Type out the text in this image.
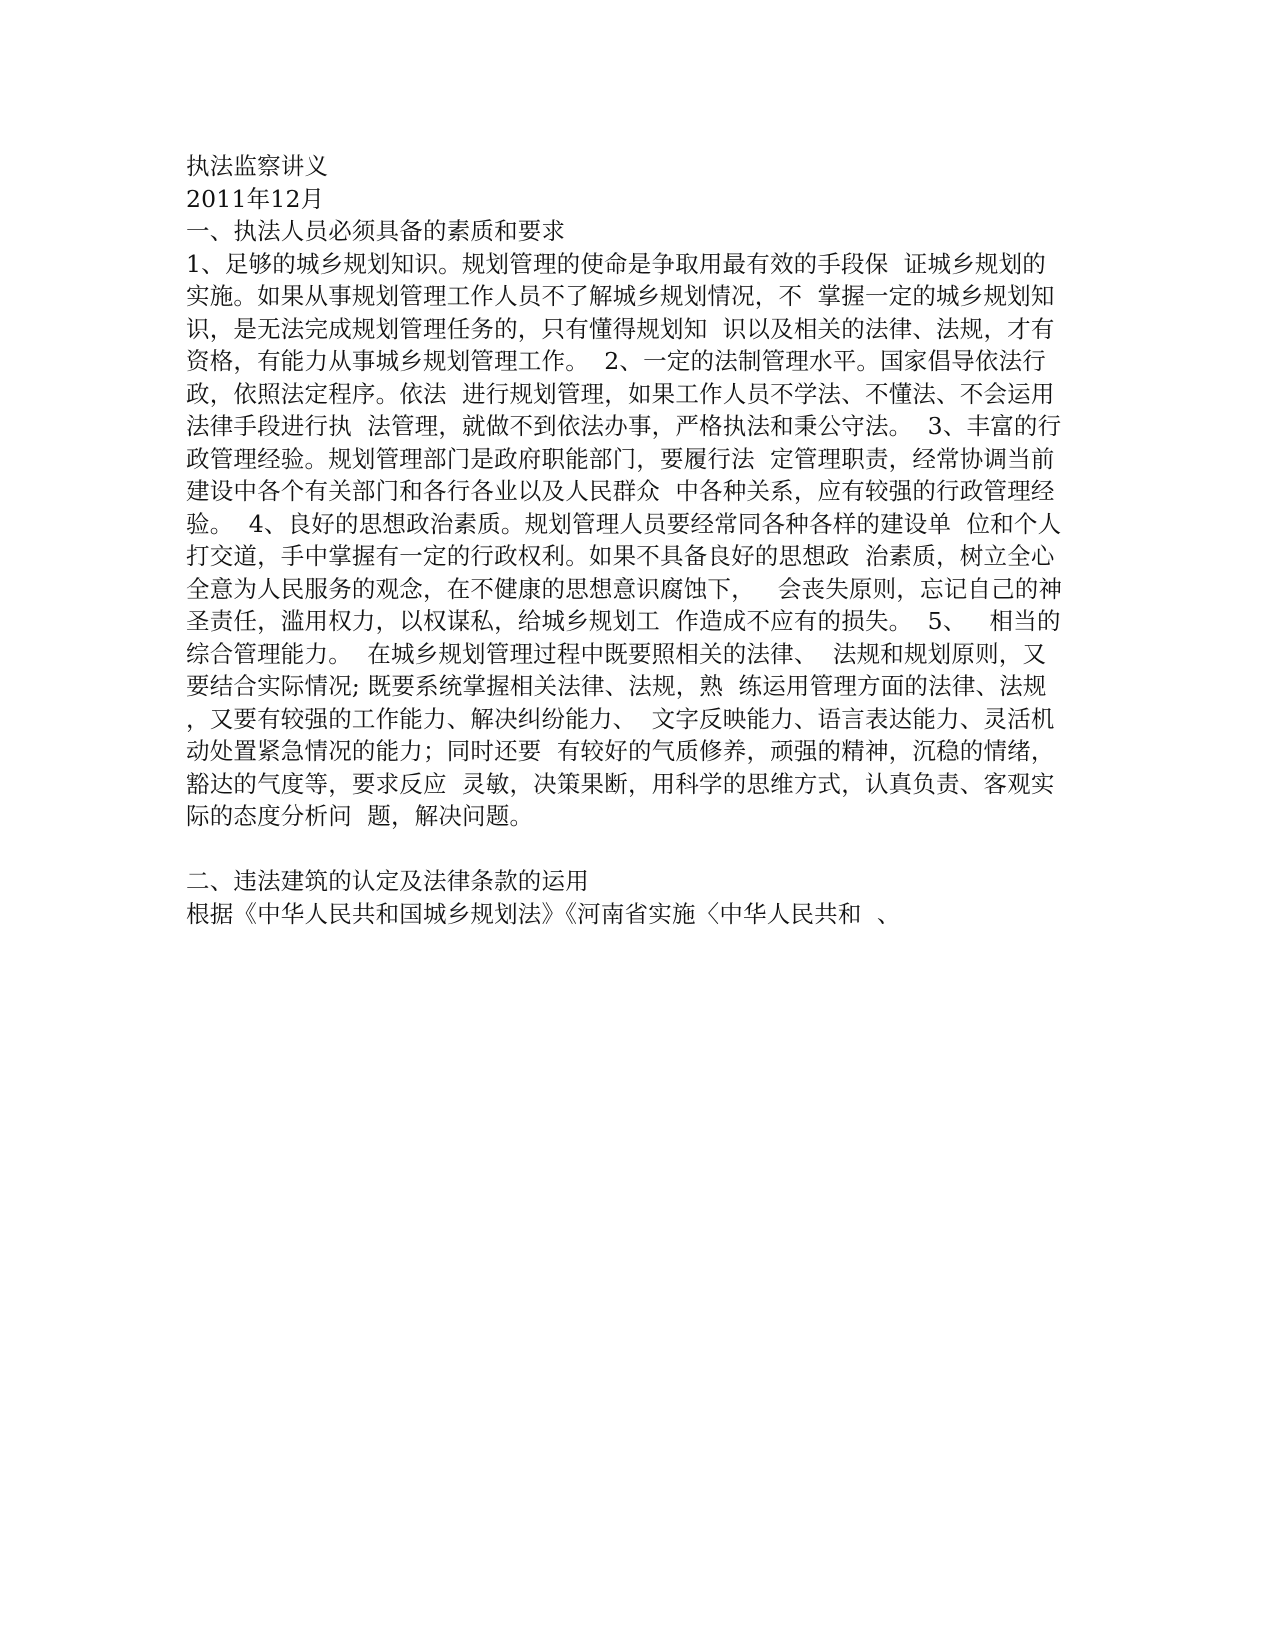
执法监察讲义
2011年12月
一、执法人员必须具备的素质和要求
1、足够的城乡规划知识。规划管理的使命是争取用最有效的手段保  证城乡规划的
实施。如果从事规划管理工作人员不了解城乡规划情况，不  掌握一定的城乡规划知
识，是无法完成规划管理任务的，只有懂得规划知  识以及相关的法律、法规，才有
资格，有能力从事城乡规划管理工作。  2、一定的法制管理水平。国家倡导依法行
政，依照法定程序。依法  进行规划管理，如果工作人员不学法、不懂法、不会运用
法律手段进行执  法管理，就做不到依法办事，严格执法和秉公守法。  3、丰富的行
政管理经验。规划管理部门是政府职能部门，要履行法  定管理职责，经常协调当前
建设中各个有关部门和各行各业以及人民群众  中各种关系，应有较强的行政管理经
验。  4、良好的思想政治素质。规划管理人员要经常同各种各样的建设单  位和个人
打交道，手中掌握有一定的行政权利。如果不具备良好的思想政  治素质，树立全心
全意为人民服务的观念，在不健康的思想意识腐蚀下，   会丧失原则，忘记自己的神
圣责任，滥用权力，以权谋私，给城乡规划工  作造成不应有的损失。  5、   相当的
综合管理能力。  在城乡规划管理过程中既要照相关的法律、  法规和规划原则，又
要结合实际情况; 既要系统掌握相关法律、法规，熟  练运用管理方面的法律、法规
，又要有较强的工作能力、解决纠纷能力、  文字反映能力、语言表达能力、灵活机
动处置紧急情况的能力；同时还要  有较好的气质修养，顽强的精神，沉稳的情绪，
豁达的气度等，要求反应  灵敏，决策果断，用科学的思维方式，认真负责、客观实
际的态度分析问  题，解决问题。
二、违法建筑的认定及法律条款的运用
根据《中华人民共和国城乡规划法》《河南省实施〈中华人民共和  、
